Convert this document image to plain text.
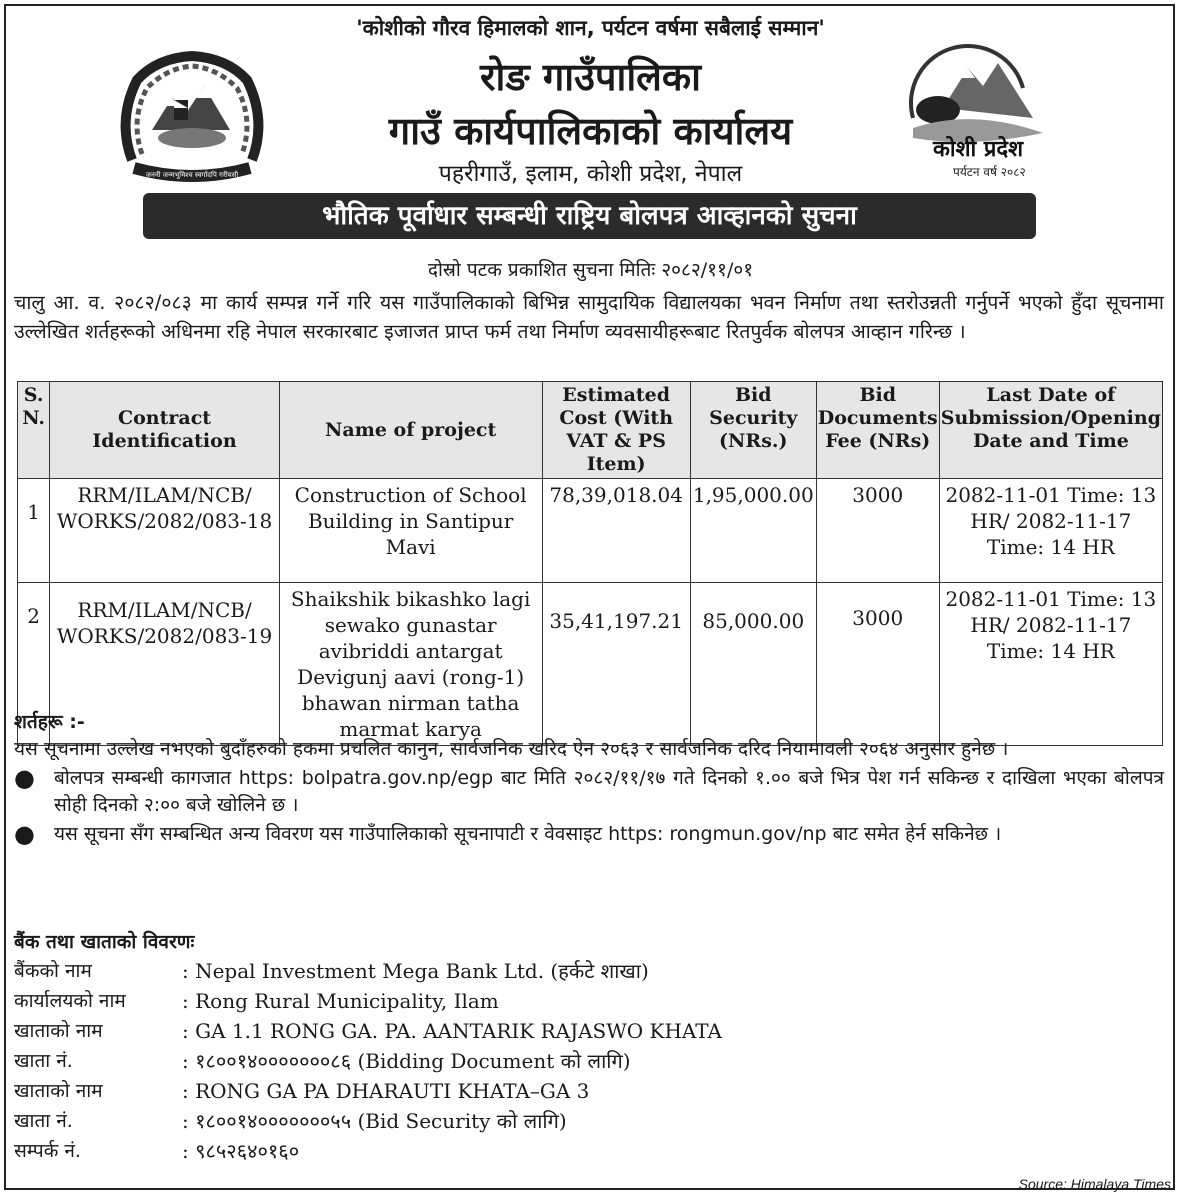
जननी जन्मभूमिश्च स्वर्गादपि गरीयसी
कोशी प्रदेश
पर्यटन वर्ष २०८२
'कोशीको गौरव हिमालको शान, पर्यटन वर्षमा सबैलाई सम्मान'
रोङ गाउँपालिका
गाउँ कार्यपालिकाको कार्यालय
पहरीगाउँ, इलाम, कोशी प्रदेश, नेपाल
भौतिक पूर्वाधार सम्बन्धी राष्ट्रिय बोलपत्र आव्हानको सुचना
दोस्रो पटक प्रकाशित सुचना मितिः २०८२/११/०१
चालु आ. व. २०८२/०८३ मा कार्य सम्पन्न गर्ने गरि यस गाउँपालिकाको बिभिन्न सामुदायिक विद्यालयका भवन निर्माण तथा स्तरोउन्नती गर्नुपर्ने भएको हुँदा सूचनामा उल्लेखित शर्तहरूको अधिनमा रहि नेपाल सरकारबाट इजाजत प्राप्त फर्म तथा निर्माण व्यवसायीहरूबाट रितपुर्वक बोलपत्र आव्हान गरिन्छ ।
S. N.	Contract Identification	Name of project	Estimated Cost (With VAT & PS Item)	Bid Security (NRs.)	Bid Documents Fee (NRs)	Last Date of Submission/Opening Date and Time
1	RRM/ILAM/NCB/ WORKS/2082/083-18	Construction of School Building in Santipur Mavi	78,39,018.04	1,95,000.00	3000	2082-11-01 Time: 13 HR/ 2082-11-17 Time: 14 HR
2	RRM/ILAM/NCB/ WORKS/2082/083-19	Shaikshik bikashko lagi sewako gunastar avibriddi antargat Devigunj aavi (rong-1) bhawan nirman tatha marmat karya	35,41,197.21	85,000.00	3000	2082-11-01 Time: 13 HR/ 2082-11-17 Time: 14 HR
शर्तहरू :-

यस सूचनामा उल्लेख नभएको बुदाँहरुको हकमा प्रचलित कानुन, सार्वजनिक खरिद ऐन २०६३ र सार्वजनिक दरिद नियामावली २०६४ अनुसार हुनेछ ।

●	बोलपत्र सम्बन्धी कागजात https: bolpatra.gov.np/egp बाट मिति २०८२/११/१७ गते दिनको १.०० बजे भित्र पेश गर्न सकिन्छ र दाखिला भएका बोलपत्र सोही दिनको २:०० बजे खोलिने छ ।
●	यस सूचना सँग सम्बन्धित अन्य विवरण यस गाउँपालिकाको सूचनापाटी र वेवसाइट https: rongmun.gov/np बाट समेत हेर्न सकिनेछ ।
बैंक तथा खाताको विवरणः
बैंकको नाम	: Nepal Investment Mega Bank Ltd. (हर्कटे शाखा)
कार्यालयको नाम	: Rong Rural Municipality, Ilam
खाताको नाम	: GA 1.1 RONG GA. PA. AANTARIK RAJASWO KHATA
खाता नं.	: १८००१४०००००००८६ (Bidding Document को लागि)
खाताको नाम	: RONG GA PA DHARAUTI KHATA–GA 3
खाता नं.	: १८००१४०००००००५५ (Bid Security को लागि)
सम्पर्क नं.	: ९८५२६४०१६०
Source: Himalaya Times
